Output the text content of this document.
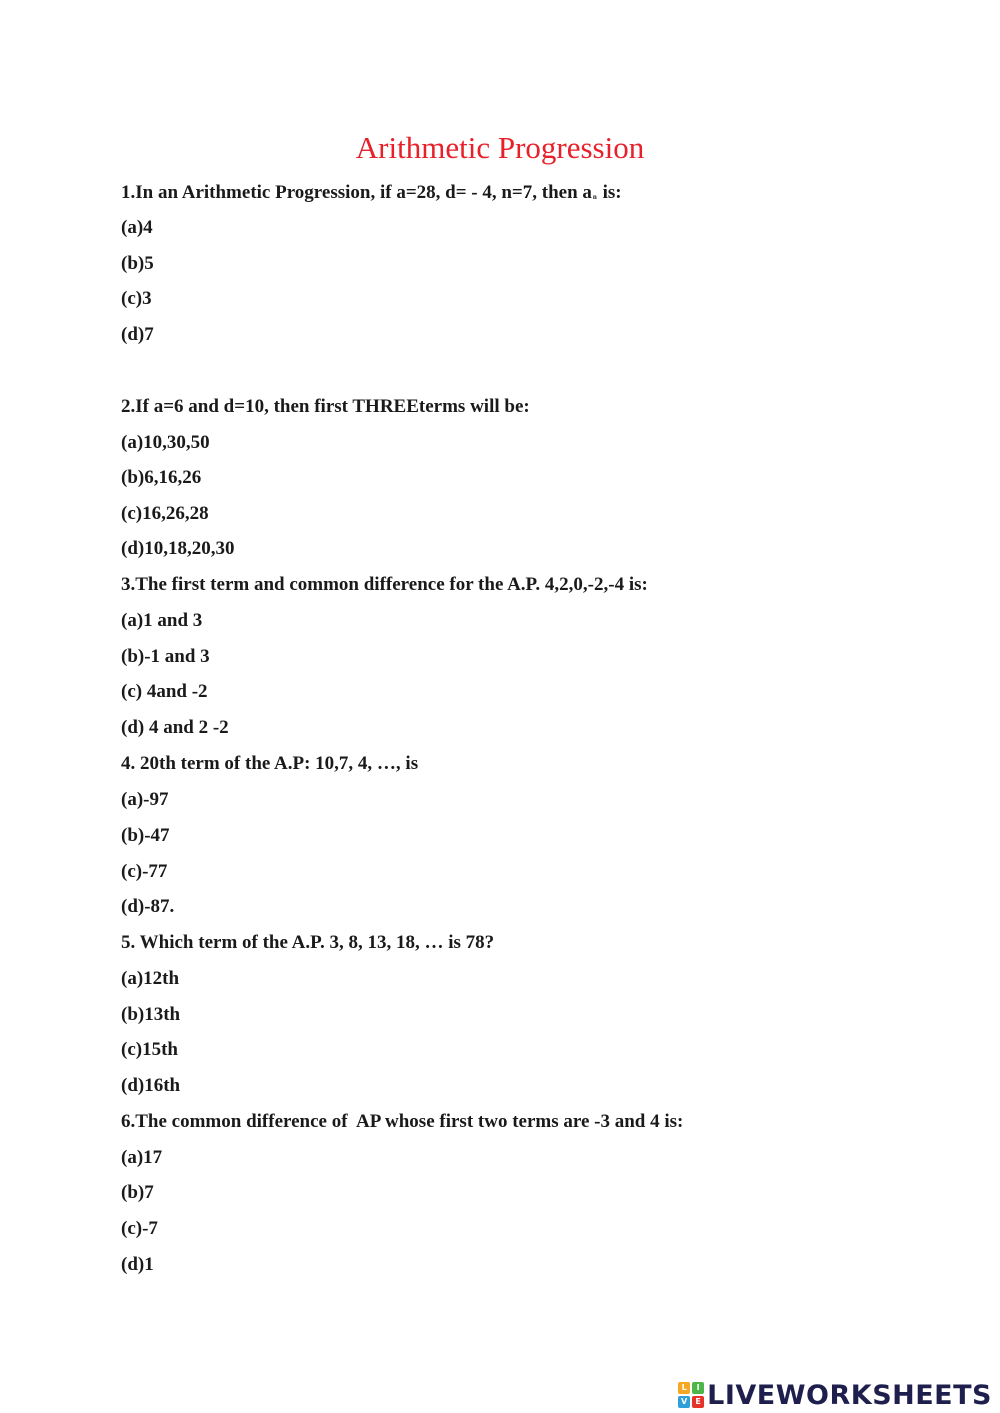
Arithmetic Progression
1.In an Arithmetic Progression, if a=28, d= - 4, n=7, then an is:
(a)4
(b)5
(c)3
(d)7
2.If a=6 and d=10, then first THREEterms will be:
(a)10,30,50
(b)6,16,26
(c)16,26,28
(d)10,18,20,30
3.The first term and common difference for the A.P. 4,2,0,-2,-4 is:
(a)1 and 3
(b)-1 and 3
(c) 4and -2
(d) 4 and 2 -2
4. 20th term of the A.P: 10,7, 4, …, is
(a)-97
(b)-47
(c)-77
(d)-87.
5. Which term of the A.P. 3, 8, 13, 18, … is 78?
(a)12th
(b)13th
(c)15th
(d)16th
6.The common difference of  AP whose first two terms are -3 and 4 is:
(a)17
(b)7
(c)-7
(d)1
L	I
V	E LIVEWORKSHEETS
